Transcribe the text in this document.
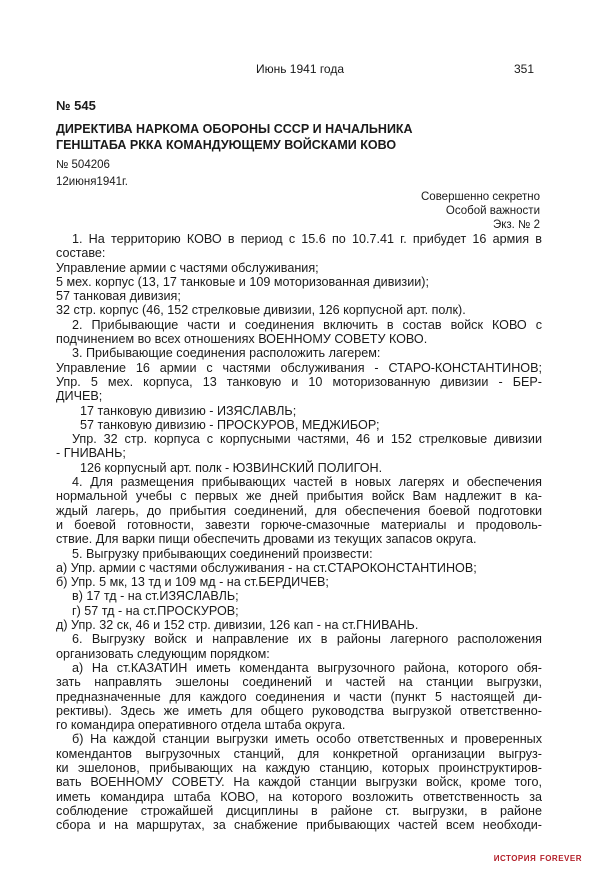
Июнь 1941 года	351
№ 545
ДИРЕКТИВА НАРКОМА ОБОРОНЫ СССР И НАЧАЛЬНИКА
ГЕНШТАБА РККА КОМАНДУЮЩЕМУ ВОЙСКАМИ КОВО
№ 504206
12июня1941г.
Совершенно секретно
Особой важности
Экз. № 2

1. На территорию КОВО в период с 15.6 по 10.7.41 г. прибудет 16 армия в

составе:

Управление армии с частями обслуживания;

5 мех. корпус (13, 17 танковые и 109 моторизованная дивизии);

57 танковая дивизия;

32 стр. корпус (46, 152 стрелковые дивизии, 126 корпусной арт. полк).

2. Прибывающие части и соединения включить в состав войск КОВО с

подчинением во всех отношениях ВОЕННОМУ СОВЕТУ КОВО.

3. Прибывающие соединения расположить лагерем:

Управление 16 армии с частями обслуживания - СТАРО-КОНСТАНТИНОВ;

Упр. 5 мех. корпуса, 13 танковую и 10 моторизованную дивизии - БЕР-

ДИЧЕВ;

17 танковую дивизию - ИЗЯСЛАВЛЬ;

57 танковую дивизию - ПРОСКУРОВ, МЕДЖИБОР;

Упр. 32 стр. корпуса с корпусными частями, 46 и 152 стрелковые дивизии

- ГНИВАНЬ;

126 корпусный арт. полк - ЮЗВИНСКИЙ ПОЛИГОН.

4. Для размещения прибывающих частей в новых лагерях и обеспечения

нормальной учебы с первых же дней прибытия войск Вам надлежит в ка-

ждый лагерь, до прибытия соединений, для обеспечения боевой подготовки

и боевой готовности, завезти горюче-смазочные материалы и продоволь-

ствие. Для варки пищи обеспечить дровами из текущих запасов округа.

5. Выгрузку прибывающих соединений произвести:

а) Упр. армии с частями обслуживания - на ст.СТАРОКОНСТАНТИНОВ;

б) Упр. 5 мк, 13 тд и 109 мд - на ст.БЕРДИЧЕВ;

в) 17 тд - на ст.ИЗЯСЛАВЛЬ;

г) 57 тд - на ст.ПРОСКУРОВ;

д) Упр. 32 ск, 46 и 152 стр. дивизии, 126 кап - на ст.ГНИВАНЬ.

6. Выгрузку войск и направление их в районы лагерного расположения

организовать следующим порядком:

а) На ст.КАЗАТИН иметь коменданта выгрузочного района, которого обя-

зать направлять эшелоны соединений и частей на станции выгрузки,

предназначенные для каждого соединения и части (пункт 5 настоящей ди-

рективы). Здесь же иметь для общего руководства выгрузкой ответственно-

го командира оперативного отдела штаба округа.

б) На каждой станции выгрузки иметь особо ответственных и проверенных

комендантов выгрузочных станций, для конкретной организации выгруз-

ки эшелонов, прибывающих на каждую станцию, которых проинструктиров-

вать ВОЕННОМУ СОВЕТУ. На каждой станции выгрузки войск, кроме того,

иметь командира штаба КОВО, на которого возложить ответственность за

соблюдение строжайшей дисциплины в районе ст. выгрузки, в районе

сбора и на маршрутах, за снабжение прибывающих частей всем необходи-

история forever
